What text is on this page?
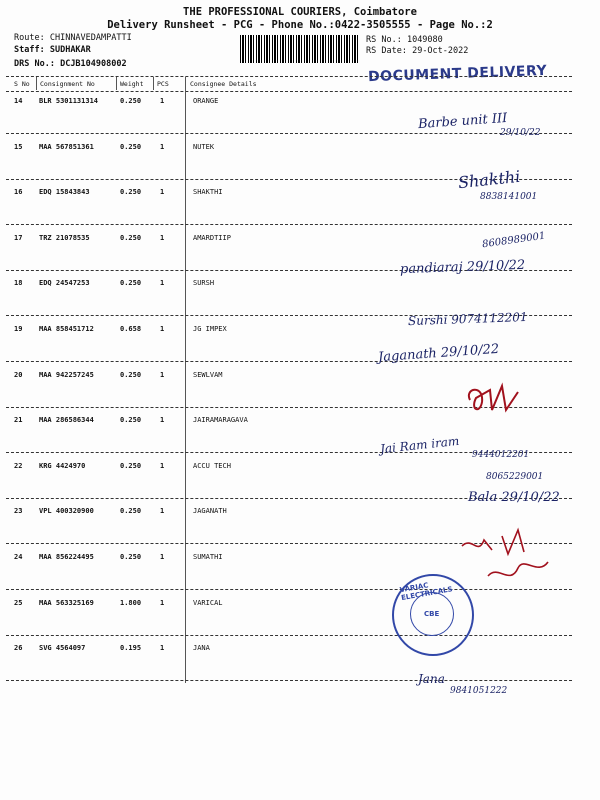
THE PROFESSIONAL COURIERS, Coimbatore
Delivery Runsheet - PCG - Phone No.:0422-3505555 - Page No.:2
Route: CHINNAVEDAMPATTI
Staff: SUDHAKAR
DRS No.: DCJB104908002
RS No.: 1049080
RS Date: 29-Oct-2022
DOCUMENT DELIVERY
S No Consignment No	Weight PCS	Consignee Details
14 BLR 5301131314	0.250	1	ORANGE
15 MAA 567851361	0.250	1	NUTEK
16 EDQ 15843843	0.250	1	SHAKTHI
17 TRZ 21078535	0.250	1	AMARDTIIP
18 EDQ 24547253	0.250	1	SURSH
19 MAA 858451712	0.658	1	JG IMPEX
20 MAA 942257245	0.250	1	SEWLVAM
21 MAA 286586344	0.250	1	JAIRAMARAGAVA
22 KRG 4424970	0.250	1	ACCU TECH
23 VPL 400320900	0.250	1	JAGANATH
24 MAA 856224495	0.250	1	SUMATHI
25 MAA 563325169	1.800	1	VARICAL
26 SVG 4564097	0.195	1	JANA
Barbe unit III
29/10/22
Shakthi
8838141001
8608989001
pandiaraj 29/10/22
Surshi 9074112201
Jaganath 29/10/22
Jai Ram iram 9444012201
8065229001
Bala 29/10/22
VARIAC ELECTRICALS
CBE
Jana
9841051222
